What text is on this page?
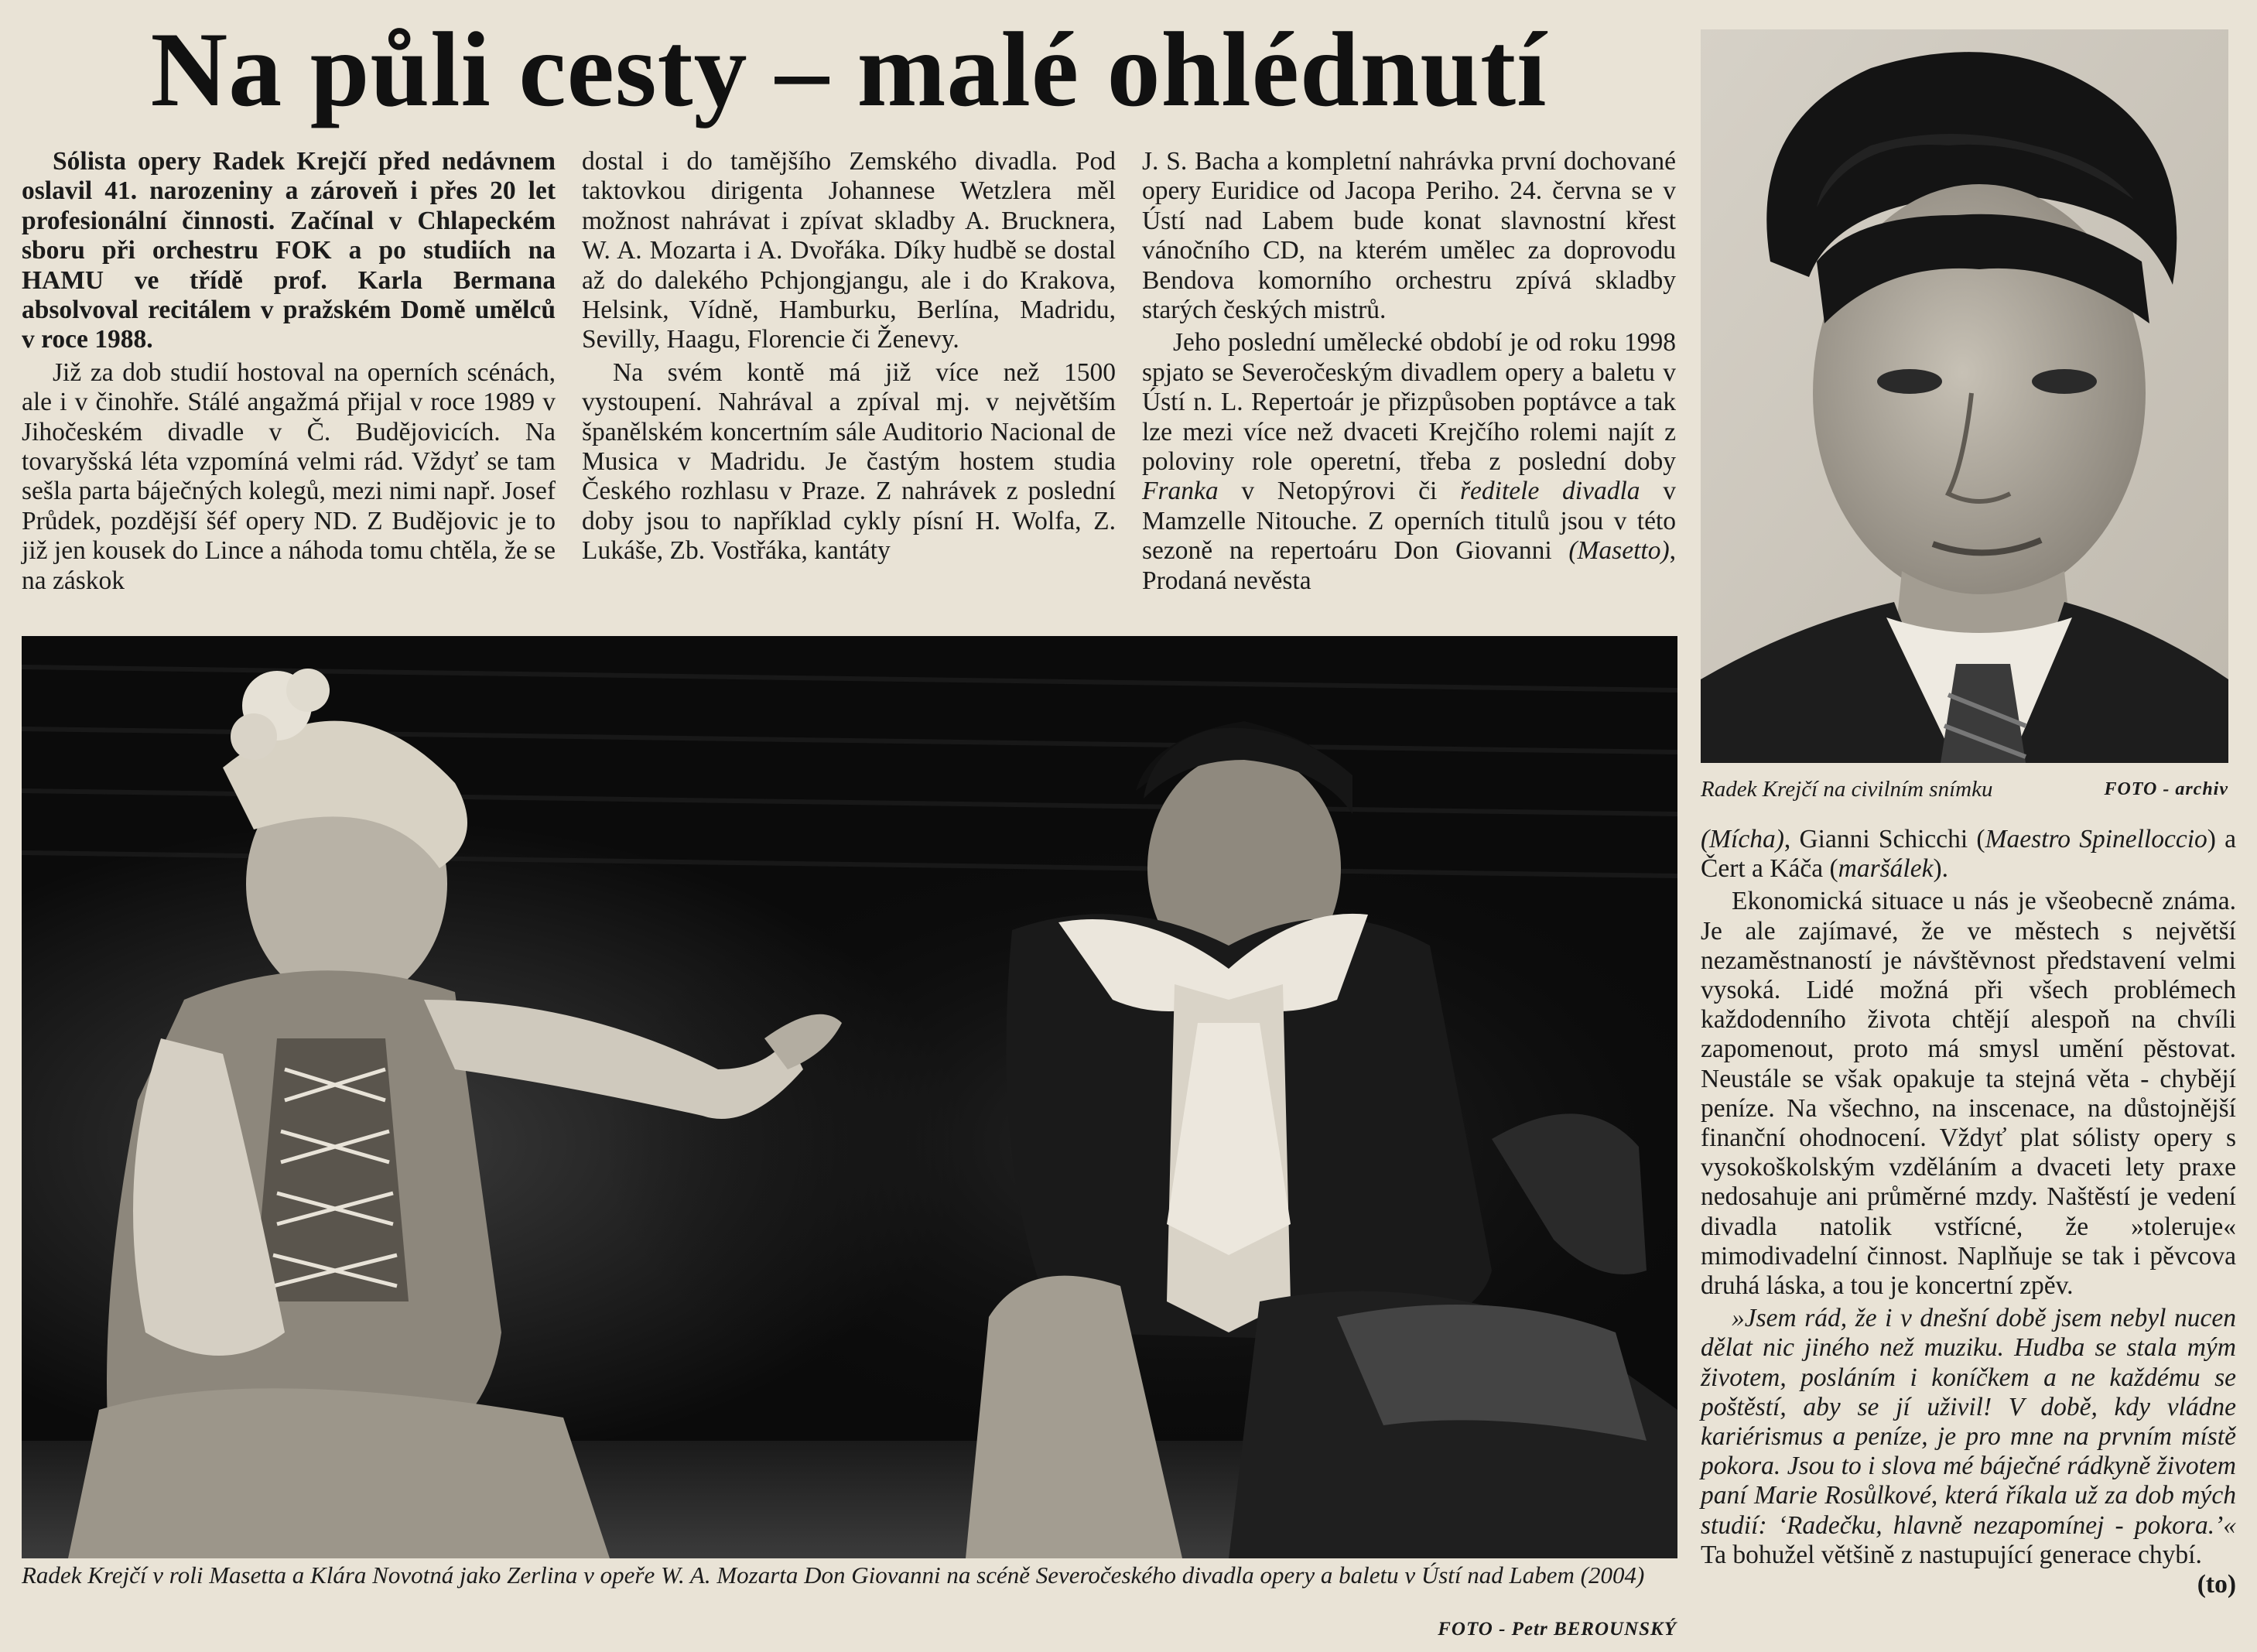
Na půli cesty – malé ohlédnutí

Sólista opery Radek Krejčí před nedávnem oslavil 41. narozeniny a zároveň i přes 20 let profesionální činnosti. Začínal v Chlapeckém sboru při orchestru FOK a po studiích na HAMU ve třídě prof. Karla Bermana absolvoval recitálem v pražském Domě umělců v roce 1988.

Již za dob studií hostoval na operních scénách, ale i v činohře. Stálé angažmá přijal v roce 1989 v Jihočeském divadle v Č. Budějovicích. Na tovaryšská léta vzpomíná velmi rád. Vždyť se tam sešla parta báječných kolegů, mezi nimi např. Josef Průdek, pozdější šéf opery ND. Z Budějovic je to již jen kousek do Lince a náhoda tomu chtěla, že se na záskok

dostal i do tamějšího Zemského divadla. Pod taktovkou dirigenta Johannese Wetzlera měl možnost nahrávat i zpívat skladby A. Brucknera, W. A. Mozarta i A. Dvořáka. Díky hudbě se dostal až do dalekého Pchjongjangu, ale i do Krakova, Helsink, Vídně, Hamburku, Berlína, Madridu, Sevilly, Haagu, Florencie či Ženevy.

Na svém kontě má již více než 1500 vystoupení. Nahrával a zpíval mj. v největším španělském koncertním sále Auditorio Nacional de Musica v Madridu. Je častým hostem studia Českého rozhlasu v Praze. Z nahrávek z poslední doby jsou to například cykly písní H. Wolfa, Z. Lukáše, Zb. Vostřáka, kantáty

J. S. Bacha a kompletní nahrávka první dochované opery Euridice od Jacopa Periho. 24. června se v Ústí nad Labem bude konat slavnostní křest vánočního CD, na kterém umělec za doprovodu Bendova komorního orchestru zpívá skladby starých českých mistrů.

Jeho poslední umělecké období je od roku 1998 spjato se Severočeským divadlem opery a baletu v Ústí n. L. Repertoár je přizpůsoben poptávce a tak lze mezi více než dvaceti Krejčího rolemi najít z poloviny role operetní, třeba z poslední doby Franka v Netopýrovi či ředitele divadla v Mamzelle Nitouche. Z operních titulů jsou v této sezoně na repertoáru Don Giovanni (Masetto), Prodaná nevěsta

Radek Krejčí v roli Masetta a Klára Novotná jako Zerlina v opeře W. A. Mozarta Don Giovanni na scéně Severočeského divadla opery a baletu v Ústí nad Labem (2004)
FOTO - Petr BEROUNSKÝ
FOTO - archiv
Radek Krejčí na civilním snímku

(Mícha), Gianni Schicchi (Maestro Spinelloccio) a Čert a Káča (maršálek).

Ekonomická situace u nás je všeobecně známa. Je ale zajímavé, že ve městech s největší nezaměstnaností je návštěvnost představení velmi vysoká. Lidé možná při všech problémech každodenního života chtějí alespoň na chvíli zapomenout, proto má smysl umění pěstovat. Neustále se však opakuje ta stejná věta - chybějí peníze. Na všechno, na inscenace, na důstojnější finanční ohodnocení. Vždyť plat sólisty opery s vysokoškolským vzděláním a dvaceti lety praxe nedosahuje ani průměrné mzdy. Naštěstí je vedení divadla natolik vstřícné, že »toleruje« mimodivadelní činnost. Naplňuje se tak i pěvcova druhá láska, a tou je koncertní zpěv.

»Jsem rád, že i v dnešní době jsem nebyl nucen dělat nic jiného než muziku. Hudba se stala mým životem, posláním i koníčkem a ne každému se poštěstí, aby se jí uživil! V době, kdy vládne kariérismus a peníze, je pro mne na prvním místě pokora. Jsou to i slova mé báječné rádkyně životem paní Marie Rosůlkové, která říkala už za dob mých studií: ‘Radečku, hlavně nezapomínej - pokora.’« Ta bohužel většině z nastupující generace chybí.
(to)
